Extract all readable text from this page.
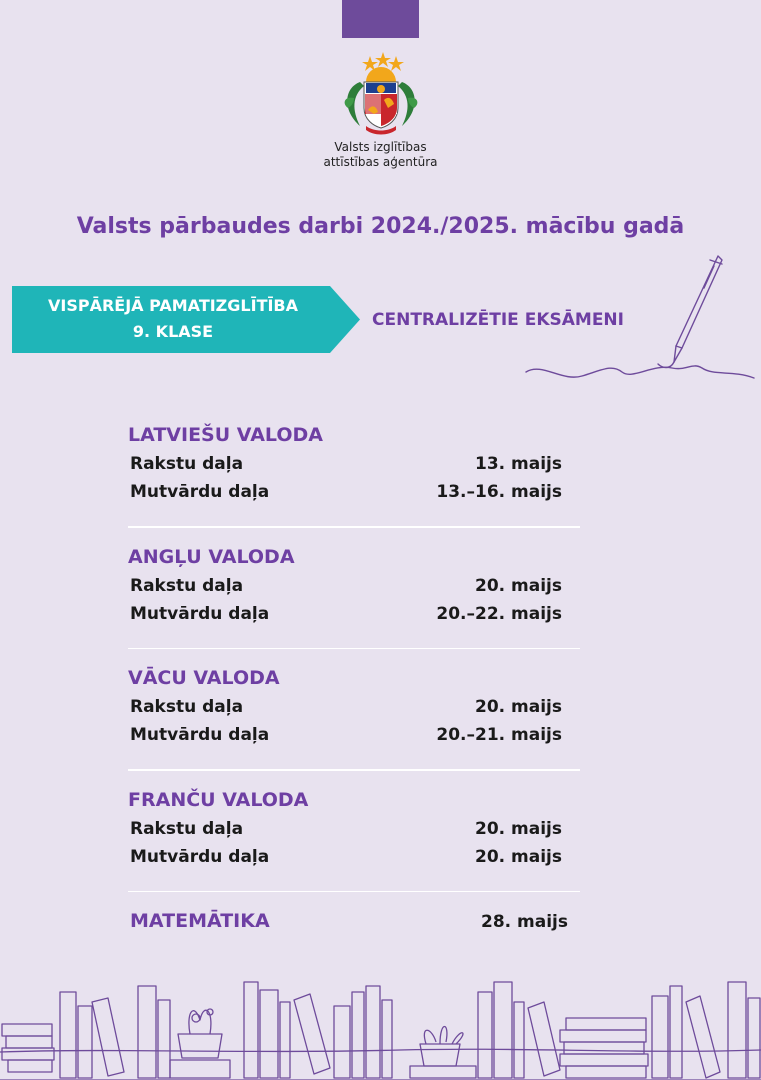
Valsts izglītības
attīstības aģentūra
Valsts pārbaudes darbi 2024./2025. mācību gadā
VISPĀRĒJĀ PAMATIZGLĪTĪBA
9. KLASE
CENTRALIZĒTIE EKSĀMENI
LATVIEŠU VALODA
Rakstu daļa	13. maijs
Mutvārdu daļa	13.–16. maijs
ANGĻU VALODA
Rakstu daļa	20. maijs
Mutvārdu daļa	20.–22. maijs
VĀCU VALODA
Rakstu daļa	20. maijs
Mutvārdu daļa	20.–21. maijs
FRANČU VALODA
Rakstu daļa	20. maijs
Mutvārdu daļa	20. maijs
MATEMĀTIKA	28. maijs
